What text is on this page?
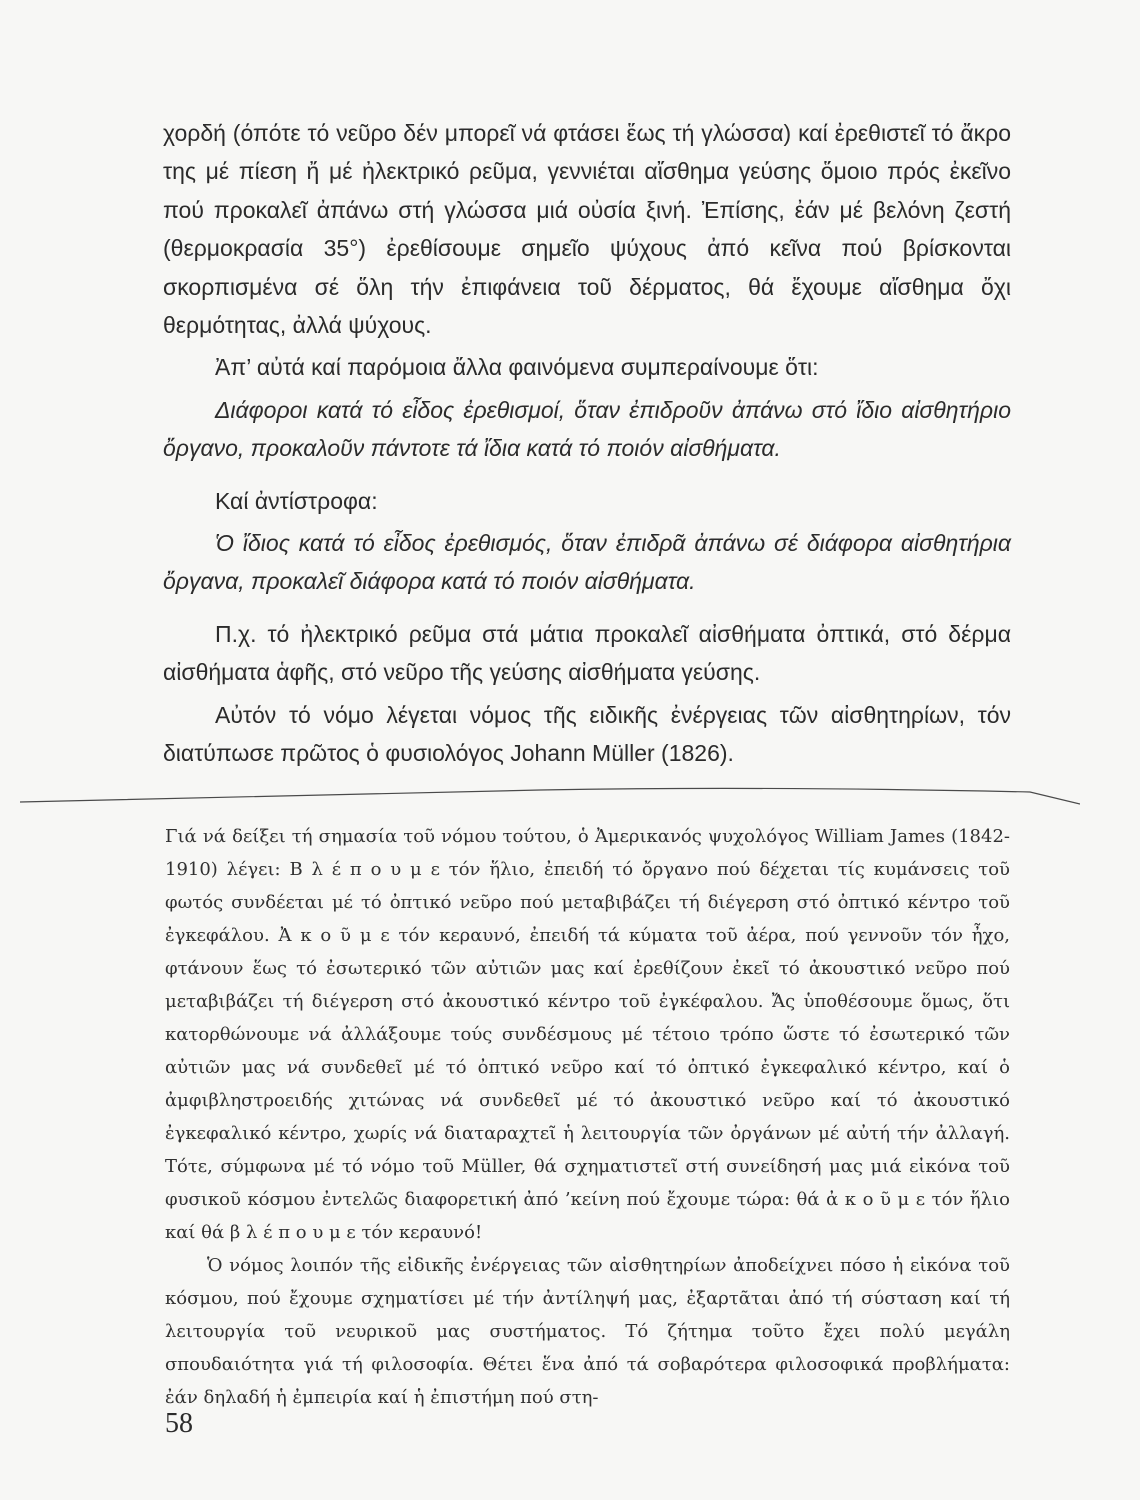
χορδή (όπότε τό νεῦρο δέν μπορεῖ νά φτάσει ἕως τή γλώσσα) καί ἐρεθιστεῖ τό ἄκρο της μέ πίεση ἤ μέ ἠλεκτρικό ρεῦμα, γεννιέται αἴσθημα γεύσης ὅμοιο πρός ἐκεῖνο πού προκαλεῖ ἀπάνω στή γλώσσα μιά οὐσία ξινή. Ἐπίσης, ἐάν μέ βελόνη ζεστή (θερμοκρασία 35°) ἐρεθίσουμε σημεῖο ψύχους ἀπό κεῖνα πού βρίσκονται σκορπισμένα σέ ὅλη τήν ἐπιφάνεια τοῦ δέρματος, θά ἔχουμε αἴσθημα ὄχι θερμότητας, ἀλλά ψύχους.

Ἀπ’ αὐτά καί παρόμοια ἄλλα φαινόμενα συμπεραίνουμε ὅτι:

Διάφοροι κατά τό εἶδος ἐρεθισμοί, ὅταν ἐπιδροῦν ἀπάνω στό ἴδιο αἰσθητήριο ὄργανο, προκαλοῦν πάντοτε τά ἴδια κατά τό ποιόν αἰσθήματα.

Καί ἀντίστροφα:

Ὁ ἴδιος κατά τό εἶδος ἐρεθισμός, ὅταν ἐπιδρᾶ ἀπάνω σέ διάφορα αἰσθητήρια ὄργανα, προκαλεῖ διάφορα κατά τό ποιόν αἰσθήματα.

Π.χ. τό ἠλεκτρικό ρεῦμα στά μάτια προκαλεῖ αἰσθήματα ὀπτικά, στό δέρμα αἰσθήματα ἁφῆς, στό νεῦρο τῆς γεύσης αἰσθήματα γεύσης.

Αὐτόν τό νόμο λέγεται νόμος τῆς ειδικῆς ἐνέργειας τῶν αἰσθητηρίων, τόν διατύπωσε πρῶτος ὁ φυσιολόγος Johann Müller (1826).

Γιά νά δείξει τή σημασία τοῦ νόμου τούτου, ὁ Ἀμερικανός ψυχολόγος William James (1842-1910) λέγει: Β λ έ π ο υ μ ε τόν ἥλιο, ἐπειδή τό ὄργανο πού δέχεται τίς κυμάνσεις τοῦ φωτός συνδέεται μέ τό ὀπτικό νεῦρο πού μεταβιβάζει τή διέγερση στό ὀπτικό κέντρο τοῦ ἐγκεφάλου. Ἀ κ ο ῦ μ ε τόν κεραυνό, ἐπειδή τά κύματα τοῦ ἀέρα, πού γεννοῦν τόν ἦχο, φτάνουν ἕως τό ἐσωτερικό τῶν αὐτιῶν μας καί ἐρεθίζουν ἐκεῖ τό ἀκουστικό νεῦρο πού μεταβιβάζει τή διέγερση στό ἀκουστικό κέντρο τοῦ ἐγκέφαλου. Ἄς ὑποθέσουμε ὅμως, ὅτι κατορθώνουμε νά ἀλλάξουμε τούς συνδέσμους μέ τέτοιο τρόπο ὥστε τό ἐσωτερικό τῶν αὐτιῶν μας νά συνδεθεῖ μέ τό ὀπτικό νεῦρο καί τό ὀπτικό ἐγκεφαλικό κέντρο, καί ὁ ἀμφιβληστροειδής χιτώνας νά συνδεθεῖ μέ τό ἀκουστικό νεῦρο καί τό ἀκουστικό ἐγκεφαλικό κέντρο, χωρίς νά διαταραχτεῖ ἡ λειτουργία τῶν ὀργάνων μέ αὐτή τήν ἀλλαγή. Τότε, σύμφωνα μέ τό νόμο τοῦ Müller, θά σχηματιστεῖ στή συνείδησή μας μιά εἰκόνα τοῦ φυσικοῦ κόσμου ἐντελῶς διαφορετική ἀπό ’κείνη πού ἔχουμε τώρα: θά ἀ κ ο ῦ μ ε τόν ἥλιο καί θά β λ έ π ο υ μ ε τόν κεραυνό!

Ὁ νόμος λοιπόν τῆς εἰδικῆς ἐνέργειας τῶν αἰσθητηρίων ἀποδείχνει πόσο ἡ εἰκόνα τοῦ κόσμου, πού ἔχουμε σχηματίσει μέ τήν ἀντίληψή μας, ἐξαρτᾶται ἀπό τή σύσταση καί τή λειτουργία τοῦ νευρικοῦ μας συστήματος. Τό ζήτημα τοῦτο ἔχει πολύ μεγάλη σπουδαιότητα γιά τή φιλοσοφία. Θέτει ἕνα ἀπό τά σοβαρότερα φιλοσοφικά προβλήματα: ἐάν δηλαδή ἡ ἐμπειρία καί ἡ ἐπιστήμη πού στη-

58
